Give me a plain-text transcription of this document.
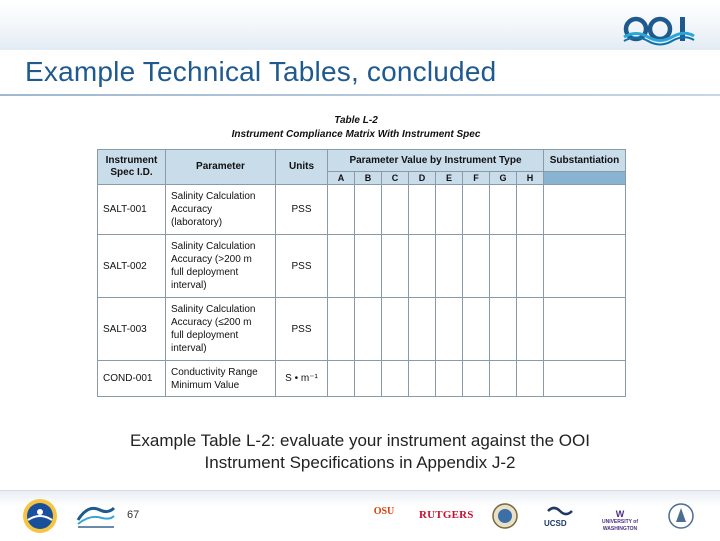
Example Technical Tables, concluded
Table L-2
Instrument Compliance Matrix With Instrument Spec
Instrument Spec I.D.	Parameter	Units	Parameter Value by Instrument Type								Substantiation
			A	B	C	D	E	F	G	H	
SALT-001	Salinity Calculation
Accuracy
(laboratory)	PSS									
SALT-002	Salinity Calculation
Accuracy (>200 m
full deployment
interval)	PSS									
SALT-003	Salinity Calculation
Accuracy (≤200 m
full deployment
interval)	PSS									
COND-001	Conductivity Range
Minimum Value	S • m⁻¹									
Example Table L-2: evaluate your instrument against the OOI
Instrument Specifications in Appendix J-2
67	OSU RUTGERS
UCSD
W
UNIVERSITY of
WASHINGTON
